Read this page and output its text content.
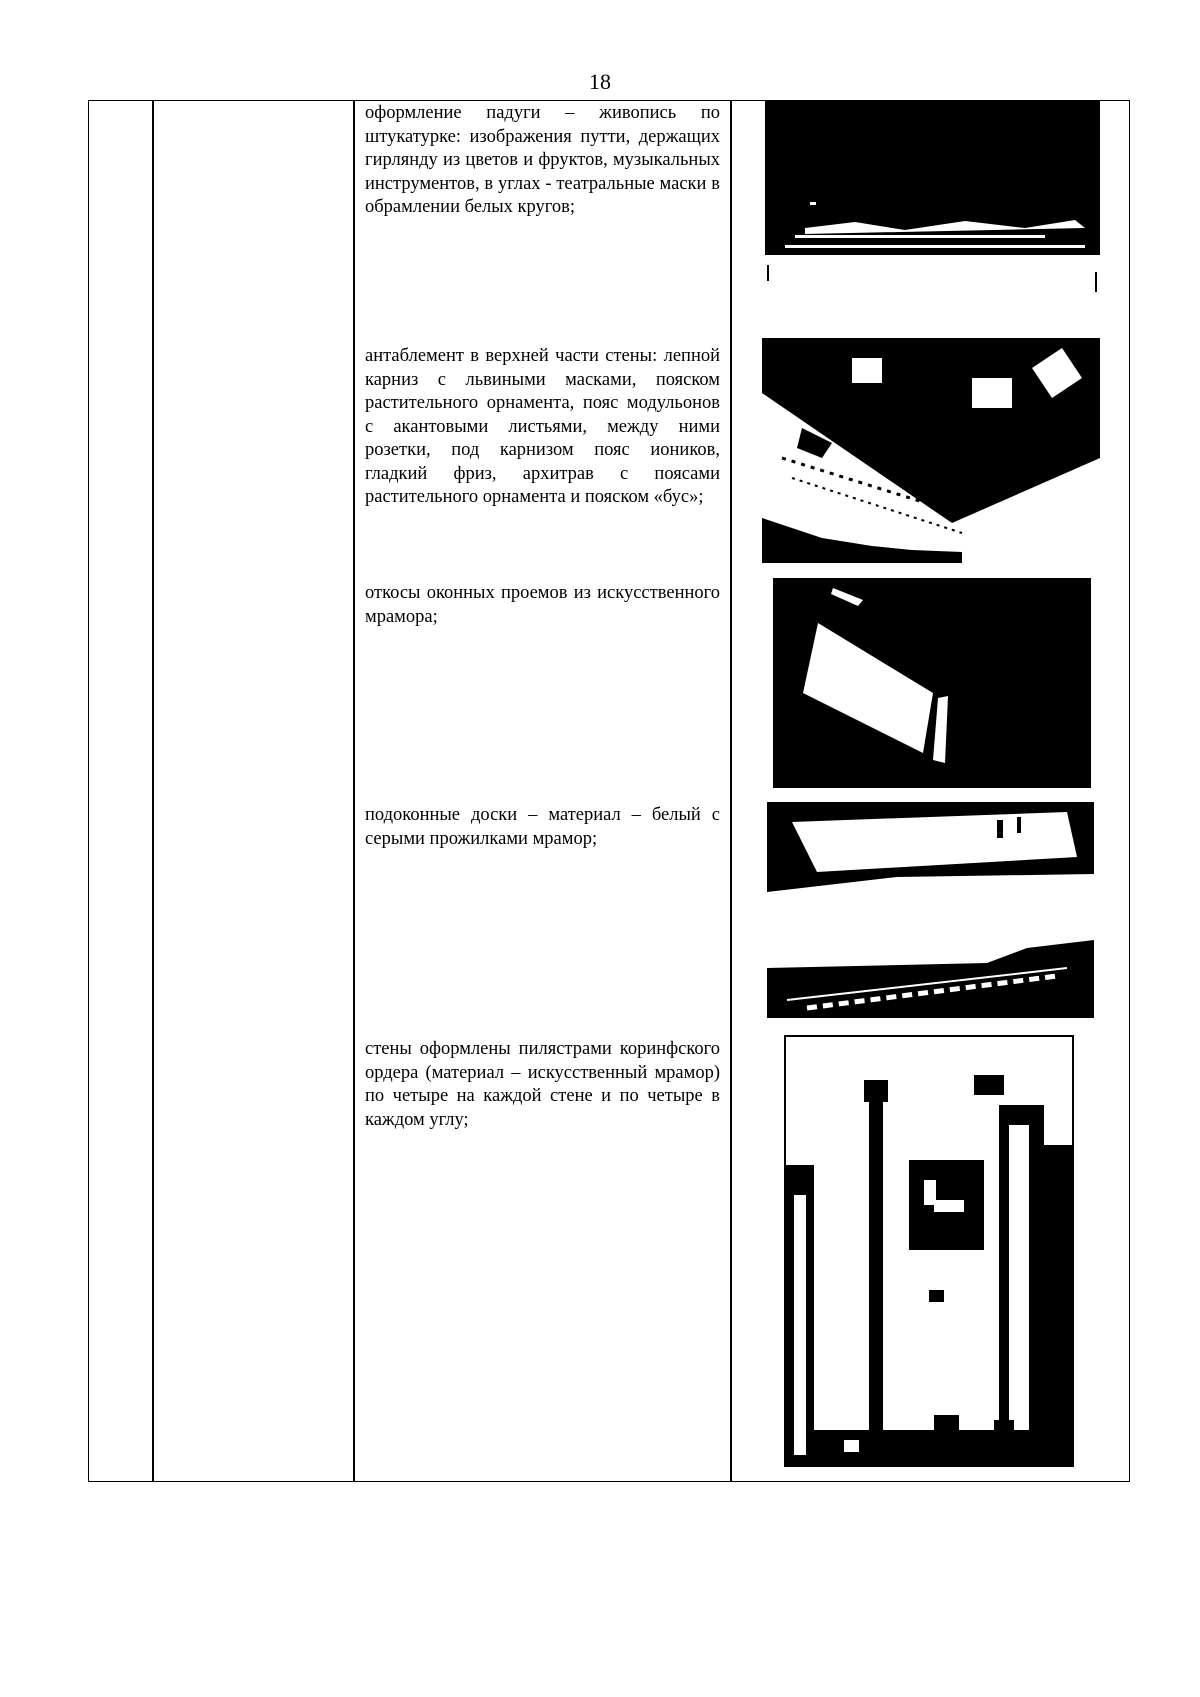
18
оформление падуги – живопись по штукатурке: изображения путти, держащих гирлянду из цветов и фруктов, музыкальных инструментов, в углах - театральные маски в обрамлении белых кругов;
антаблемент в верхней части стены: лепной карниз с львиными масками, пояском растительного орнамента, пояс модульонов с акантовыми листьями, между ними розетки, под карнизом пояс иоников, гладкий фриз, архитрав с поясами растительного орнамента и пояском «бус»;
откосы оконных проемов из искусственного мрамора;
подоконные доски – материал – белый с серыми прожилками мрамор;
стены оформлены пилястрами коринфского ордера (материал – искусственный мрамор) по четыре на каждой стене и по четыре в каждом углу;
